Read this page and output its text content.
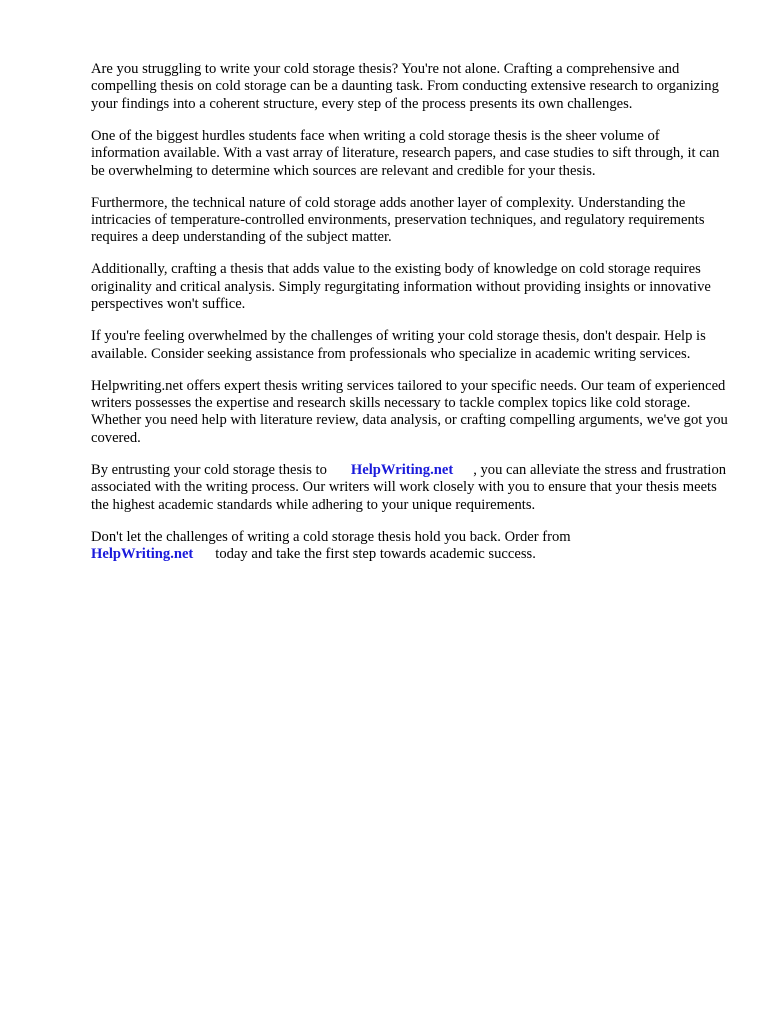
Are you struggling to write your cold storage thesis? You're not alone. Crafting a comprehensive and compelling thesis on cold storage can be a daunting task. From conducting extensive research to organizing your findings into a coherent structure, every step of the process presents its own challenges.

One of the biggest hurdles students face when writing a cold storage thesis is the sheer volume of information available. With a vast array of literature, research papers, and case studies to sift through, it can be overwhelming to determine which sources are relevant and credible for your thesis.

Furthermore, the technical nature of cold storage adds another layer of complexity. Understanding the intricacies of temperature-controlled environments, preservation techniques, and regulatory requirements requires a deep understanding of the subject matter.

Additionally, crafting a thesis that adds value to the existing body of knowledge on cold storage requires originality and critical analysis. Simply regurgitating information without providing insights or innovative perspectives won't suffice.

If you're feeling overwhelmed by the challenges of writing your cold storage thesis, don't despair. Help is available. Consider seeking assistance from professionals who specialize in academic writing services.

Helpwriting.net offers expert thesis writing services tailored to your specific needs. Our team of experienced writers possesses the expertise and research skills necessary to tackle complex topics like cold storage. Whether you need help with literature review, data analysis, or crafting compelling arguments, we've got you covered.

By entrusting your cold storage thesis to HelpWriting.net , you can alleviate the stress and frustration associated with the writing process. Our writers will work closely with you to ensure that your thesis meets the highest academic standards while adhering to your unique requirements.

Don't let the challenges of writing a cold storage thesis hold you back. Order from
HelpWriting.net today and take the first step towards academic success.
